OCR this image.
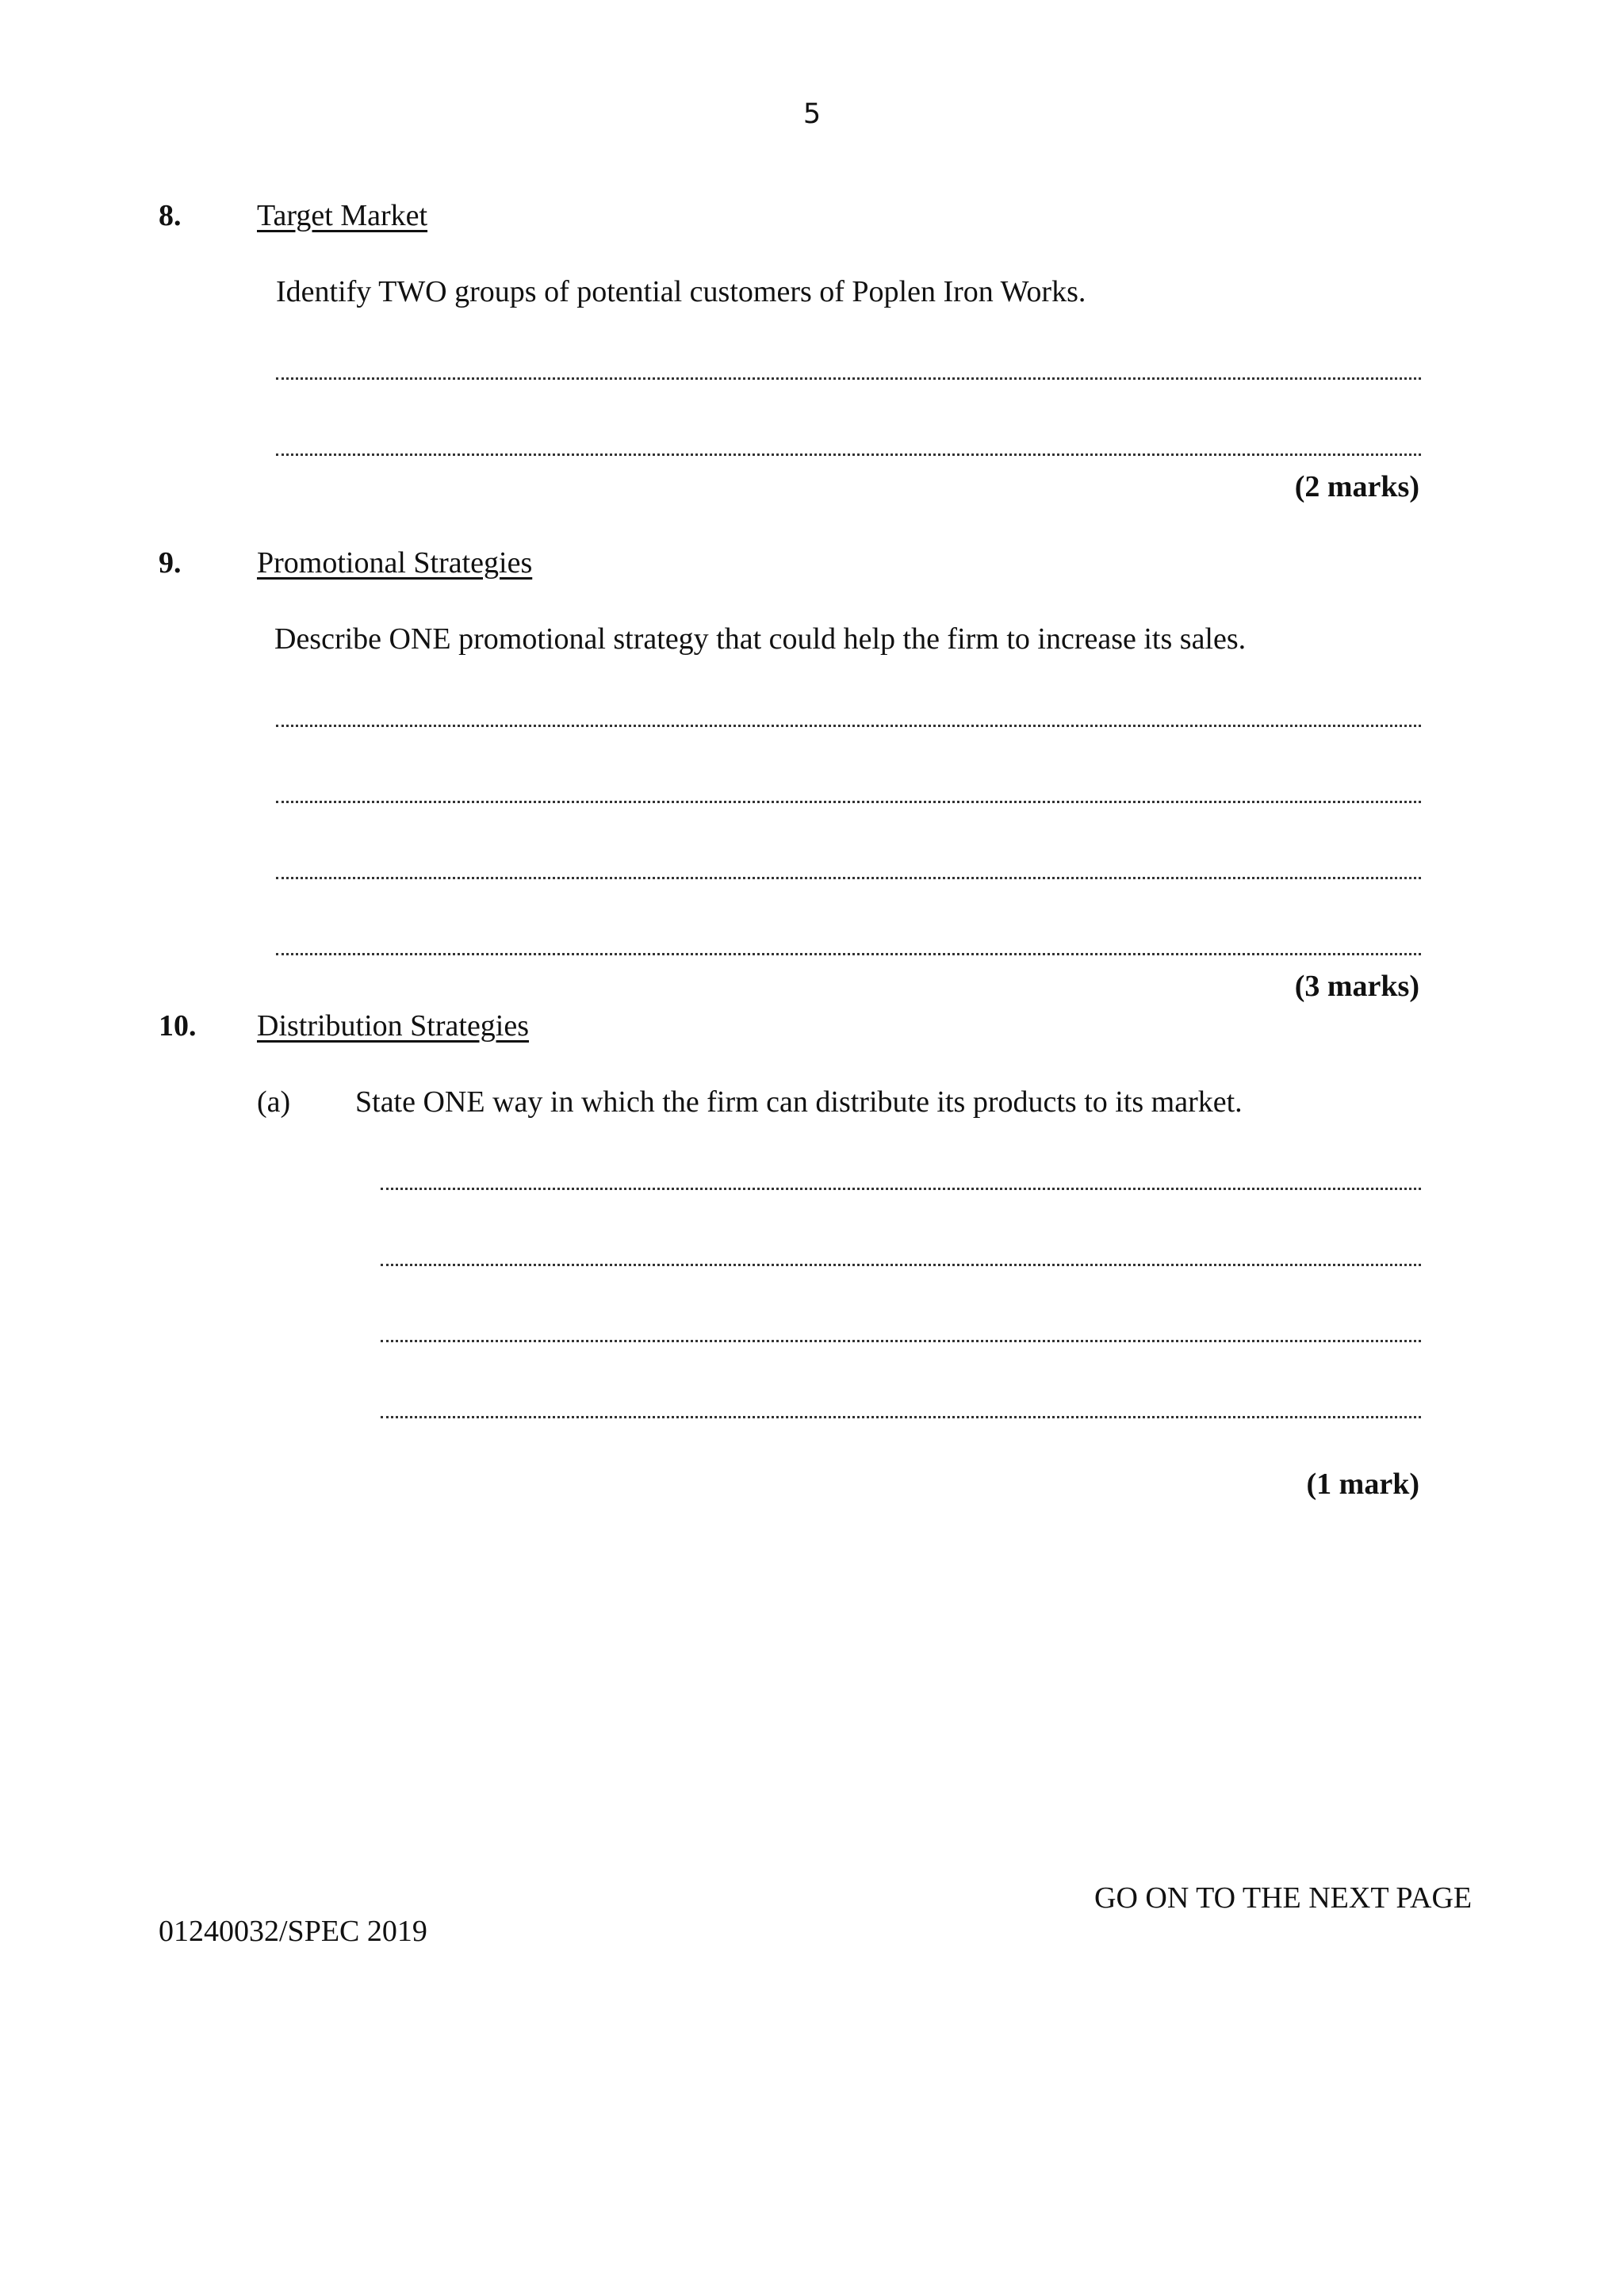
5
8.	Target Market
Identify TWO groups of potential customers of Poplen Iron Works.
(2 marks)
9.	Promotional Strategies
Describe ONE promotional strategy that could help the firm to increase its sales.
(3 marks)
10. Distribution Strategies
(a) State ONE way in which the firm can distribute its products to its market.
(1 mark)
GO ON TO THE NEXT PAGE
01240032/SPEC 2019
